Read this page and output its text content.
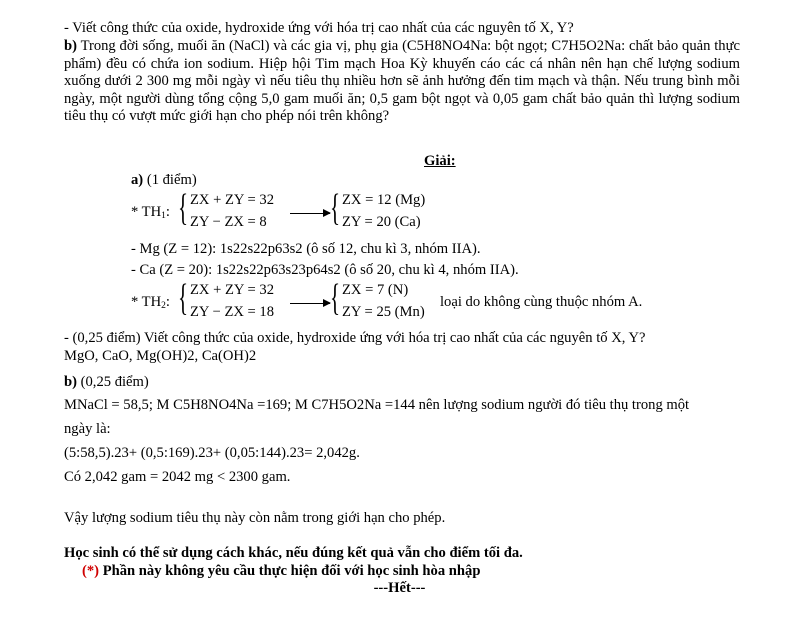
- Viết công thức của oxide, hydroxide ứng với hóa trị cao nhất của các nguyên tố X, Y?
b) Trong đời sống, muối ăn (NaCl) và các gia vị, phụ gia (C5H8NO4Na: bột ngọt; C7H5O2Na: chất bảo quản thực phẩm) đều có chứa ion sodium. Hiệp hội Tim mạch Hoa Kỳ khuyến cáo các cá nhân nên hạn chế lượng sodium xuống dưới 2 300 mg mỗi ngày vì nếu tiêu thụ nhiều hơn sẽ ảnh hưởng đến tim mạch và thận. Nếu trung bình mỗi ngày, một người dùng tổng cộng 5,0 gam muối ăn; 0,5 gam bột ngọt và 0,05 gam chất bảo quản thì lượng sodium tiêu thụ có vượt mức giới hạn cho phép nói trên không?
Giải:
a) (1 điểm)
* $TH_1$: { ZX + ZY = 32
ZY − ZX = 8 { ZX = 12 (Mg)
ZY = 20 (Ca)
- Mg (Z = 12): 1s22s22p63s2 (ô số 12, chu kì 3, nhóm IIA).
- Ca (Z = 20): 1s22s22p63s23p64s2 (ô số 20, chu kì 4, nhóm IIA).
* $TH_2$: { ZX + ZY = 32
ZY − ZX = 18 { ZX = 7 (N)
ZY = 25 (Mn)
loại do không cùng thuộc nhóm A.
- (0,25 điểm) Viết công thức của oxide, hydroxide ứng với hóa trị cao nhất của các nguyên tố X, Y?
MgO, CaO, Mg(OH)2, Ca(OH)2
b) (0,25 điểm)
MNaCl = 58,5; M C5H8NO4Na =169; M C7H5O2Na =144 nên lượng sodium người đó tiêu thụ trong một
ngày là:
(5:58,5).23+ (0,5:169).23+ (0,05:144).23= 2,042g.
Có 2,042 gam = 2042 mg < 2300 gam.
Vậy lượng sodium tiêu thụ này còn nằm trong giới hạn cho phép.
Học sinh có thể sử dụng cách khác, nếu đúng kết quả vẫn cho điểm tối đa.
(*) Phần này không yêu cầu thực hiện đối với học sinh hòa nhập
---Hết---
